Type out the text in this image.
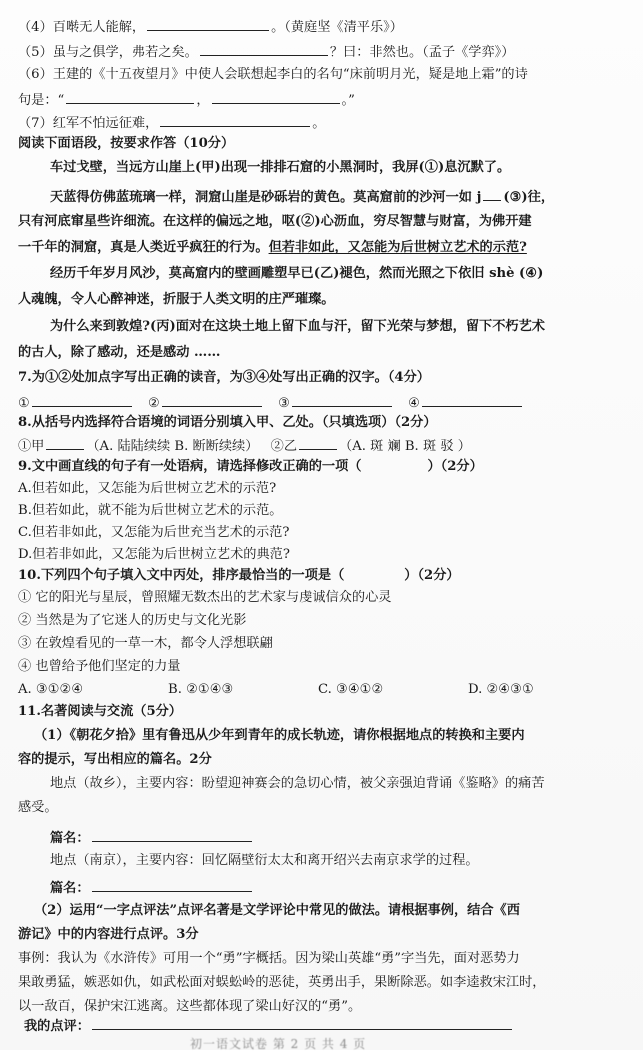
（4）百啭无人能解，	。（黄庭坚《清平乐》）
（5）虽与之俱学，弗若之矣。	？曰：非然也。（孟子《学弈》）
（6）王建的《十五夜望月》中使人会联想起李白的名句“床前明月光，疑是地上霜”的诗
句是：“	，	。”
（7）红军不怕远征难，	。
阅读下面语段，按要求作答（10分）
车过戈壁，当远方山崖上(甲)出现一排排石窟的小黑洞时，我屏(①)息沉默了。
天蓝得仿佛蓝琉璃一样，洞窟山崖是砂砾岩的黄色。莫高窟前的沙河一如 j (③)往，
只有河底窜星些许细流。在这样的偏远之地，呕(②)心沥血，穷尽智慧与财富，为佛开建
一千年的洞窟，真是人类近乎疯狂的行为。但若非如此，又怎能为后世树立艺术的示范?
经历千年岁月风沙，莫高窟内的壁画雕塑早已(乙)褪色，然而光照之下依旧 shè (④)
人魂魄，令人心醉神迷，折服于人类文明的庄严璀璨。
为什么来到敦煌?(丙)面对在这块土地上留下血与汗，留下光荣与梦想，留下不朽艺术
的古人，除了感动，还是感动 ……
7.为①②处加点字写出正确的读音，为③④处写出正确的汉字。（4分）
①	②	③	④
8.从括号内选择符合语境的词语分别填入甲、乙处。（只填选项）（2分）
①甲	（A. 陆陆续续 B. 断断续续） ②乙	（A. 斑 斓 B. 斑 驳 ）
9.文中画直线的句子有一处语病，请选择修改正确的一项（	）（2分）
A.但若如此，又怎能为后世树立艺术的示范?
B.但若如此，就不能为后世树立艺术的示范。
C.但若非如此，又怎能为后世充当艺术的示范?
D.但若非如此，又怎能为后世树立艺术的典范?
10.下列四个句子填入文中丙处，排序最恰当的一项是（	）（2分）
① 它的阳光与星辰，曾照耀无数杰出的艺术家与虔诚信众的心灵
② 当然是为了它迷人的历史与文化光影
③ 在敦煌看见的一草一木，都令人浮想联翩
④ 也曾给予他们坚定的力量
A. ③①②④	B. ②①④③	C. ③④①②	D. ②④③①
11.名著阅读与交流（5分）
（1）《朝花夕拾》里有鲁迅从少年到青年的成长轨迹，请你根据地点的转换和主要内
容的提示，写出相应的篇名。2分
地点（故乡），主要内容：盼望迎神赛会的急切心情，被父亲强迫背诵《鉴略》的痛苦
感受。
篇名：
地点（南京），主要内容：回忆隔壁衍太太和离开绍兴去南京求学的过程。
篇名：
（2）运用“一字点评法”点评名著是文学评论中常见的做法。请根据事例，结合《西
游记》中的内容进行点评。3分
事例：我认为《水浒传》可用一个“勇”字概括。因为梁山英雄“勇”字当先，面对恶势力
果敢勇猛，嫉恶如仇，如武松面对蜈蚣岭的恶徒，英勇出手，果断除恶。如李逵救宋江时，
以一敌百，保护宋江逃离。这些都体现了梁山好汉的“勇”。
我的点评：
初一语文试卷 第 2 页 共 4 页
